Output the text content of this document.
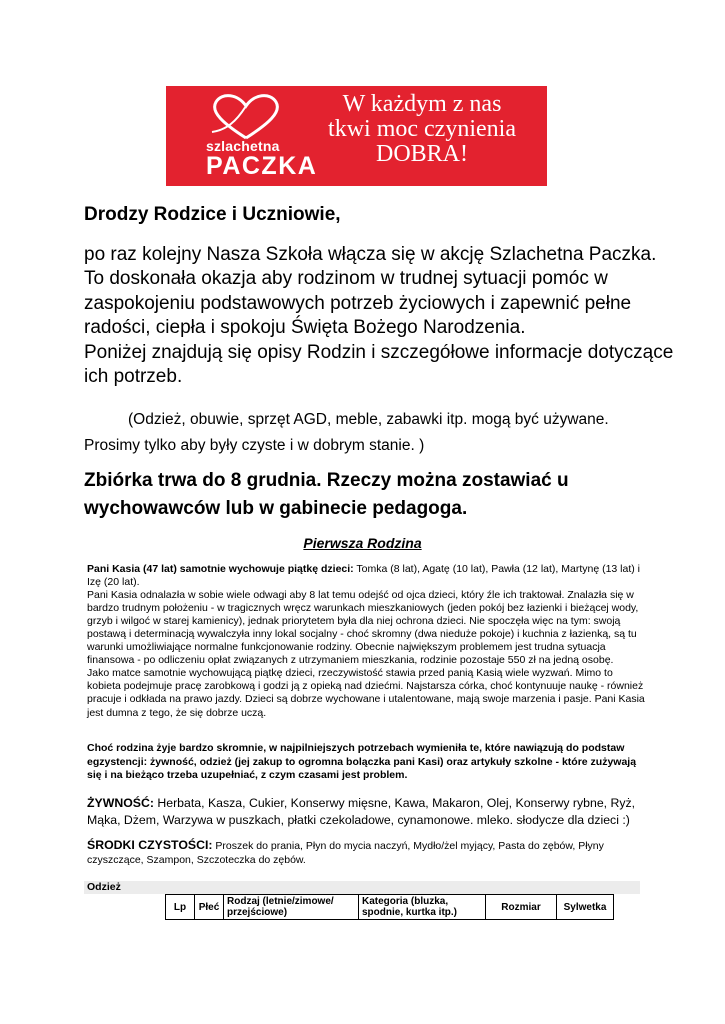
szlachetna
PACZKA
W każdym z nas
tkwi moc czynienia
DOBRA!
Drodzy Rodzice i Uczniowie,
po raz kolejny Nasza Szkoła włącza się w akcję Szlachetna Paczka.
To doskonała okazja aby rodzinom w trudnej sytuacji pomóc w
zaspokojeniu podstawowych potrzeb życiowych i zapewnić pełne
radości, ciepła i spokoju Święta Bożego Narodzenia.
Poniżej znajdują się opisy Rodzin i szczegółowe informacje dotyczące
ich potrzeb.
(Odzież, obuwie, sprzęt AGD, meble, zabawki itp. mogą być używane.
Prosimy tylko aby były czyste i w dobrym stanie. )
Zbiórka trwa do 8 grudnia. Rzeczy można zostawiać u
wychowawców lub w gabinecie pedagoga.
Pierwsza Rodzina
Pani Kasia (47 lat) samotnie wychowuje piątkę dzieci: Tomka (8 lat), Agatę (10 lat), Pawła (12 lat), Martynę (13 lat) i
Izę (20 lat).
Pani Kasia odnalazła w sobie wiele odwagi aby 8 lat temu odejść od ojca dzieci, który źle ich traktował. Znalazła się w
bardzo trudnym położeniu - w tragicznych wręcz warunkach mieszkaniowych (jeden pokój bez łazienki i bieżącej wody,
grzyb i wilgoć w starej kamienicy), jednak priorytetem była dla niej ochrona dzieci. Nie spoczęła więc na tym: swoją
postawą i determinacją wywalczyła inny lokal socjalny - choć skromny (dwa nieduże pokoje) i kuchnia z łazienką, są tu
warunki umożliwiające normalne funkcjonowanie rodziny. Obecnie największym problemem jest trudna sytuacja
finansowa - po odliczeniu opłat związanych z utrzymaniem mieszkania, rodzinie pozostaje 550 zł na jedną osobę.
Jako matce samotnie wychowującą piątkę dzieci, rzeczywistość stawia przed panią Kasią wiele wyzwań. Mimo to
kobieta podejmuje pracę zarobkową i godzi ją z opieką nad dziećmi. Najstarsza córka, choć kontynuuje naukę - również
pracuje i odkłada na prawo jazdy. Dzieci są dobrze wychowane i utalentowane, mają swoje marzenia i pasje. Pani Kasia
jest dumna z tego, że się dobrze uczą.
Choć rodzina żyje bardzo skromnie, w najpilniejszych potrzebach wymieniła te, które nawiązują do podstaw
egzystencji: żywność, odzież (jej zakup to ogromna bolączka pani Kasi) oraz artykuły szkolne - które zużywają
się i na bieżąco trzeba uzupełniać, z czym czasami jest problem.
ŻYWNOŚĆ: Herbata, Kasza, Cukier, Konserwy mięsne, Kawa, Makaron, Olej, Konserwy rybne, Ryż,
Mąka, Dżem, Warzywa w puszkach, płatki czekoladowe, cynamonowe. mleko. słodycze dla dzieci :)
ŚRODKI CZYSTOŚCI: Proszek do prania, Płyn do mycia naczyń, Mydło/żel myjący, Pasta do zębów, Płyny
czyszczące, Szampon, Szczoteczka do zębów.
Odzież
Lp	Płeć	Rodzaj (letnie/zimowe/ przejściowe)	Kategoria (bluzka, spodnie, kurtka itp.)	Rozmiar	Sylwetka
